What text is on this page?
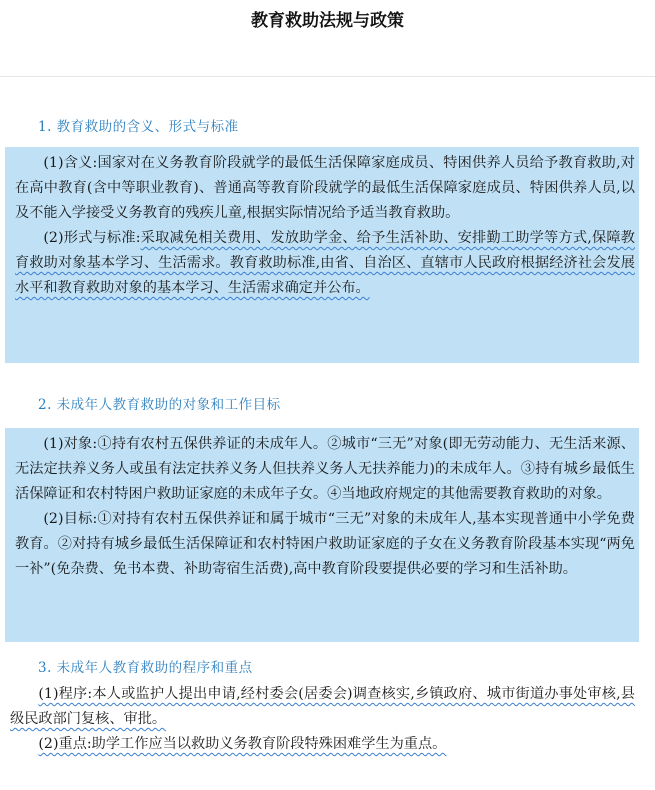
教育救助法规与政策
1. 教育救助的含义、形式与标准

(1)含义:国家对在义务教育阶段就学的最低生活保障家庭成员、特困供养人员给予教育救助,对在高中教育(含中等职业教育)、普通高等教育阶段就学的最低生活保障家庭成员、特困供养人员,以及不能入学接受义务教育的残疾儿童,根据实际情况给予适当教育救助。

(2)形式与标准:采取减免相关费用、发放助学金、给予生活补助、安排勤工助学等方式,保障教育救助对象基本学习、生活需求。教育救助标准,由省、自治区、直辖市人民政府根据经济社会发展水平和教育救助对象的基本学习、生活需求确定并公布。

2. 未成年人教育救助的对象和工作目标

(1)对象:①持有农村五保供养证的未成年人。②城市“三无”对象(即无劳动能力、无生活来源、无法定扶养义务人或虽有法定扶养义务人但扶养义务人无扶养能力)的未成年人。③持有城乡最低生活保障证和农村特困户救助证家庭的未成年子女。④当地政府规定的其他需要教育救助的对象。

(2)目标:①对持有农村五保供养证和属于城市“三无”对象的未成年人,基本实现普通中小学免费教育。②对持有城乡最低生活保障证和农村特困户救助证家庭的子女在义务教育阶段基本实现“两免一补”(免杂费、免书本费、补助寄宿生活费),高中教育阶段要提供必要的学习和生活补助。

3. 未成年人教育救助的程序和重点

(1)程序:本人或监护人提出申请,经村委会(居委会)调查核实,乡镇政府、城市街道办事处审核,县级民政部门复核、审批。

(2)重点:助学工作应当以救助义务教育阶段特殊困难学生为重点。
